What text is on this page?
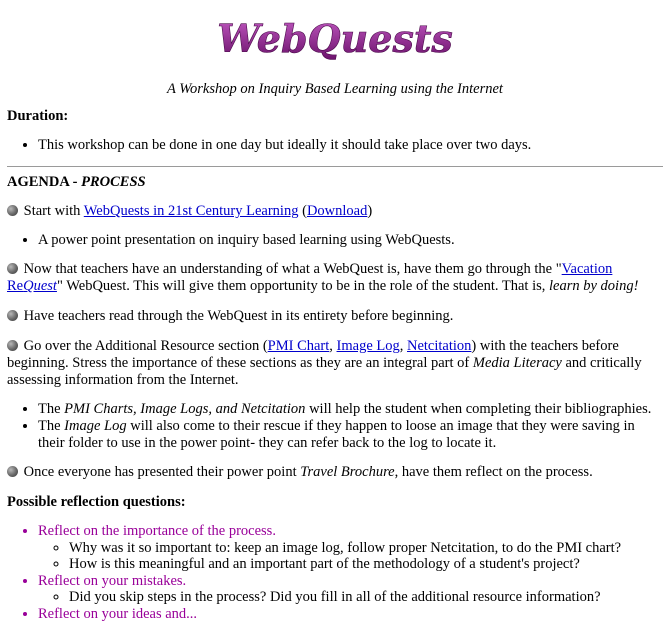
WebQuests
A Workshop on Inquiry Based Learning using the Internet
Duration:
• This workshop can be done in one day but ideally it should take place over two days.
AGENDA - PROCESS
Start with WebQuests in 21st Century Learning (Download)
• A power point presentation on inquiry based learning using WebQuests.
Now that teachers have an understanding of what a WebQuest is, have them go through the "Vacation ReQuest" WebQuest. This will give them opportunity to be in the role of the student. That is, learn by doing!
Have teachers read through the WebQuest in its entirety before beginning.
Go over the Additional Resource section (PMI Chart, Image Log, Netcitation) with the teachers before beginning. Stress the importance of these sections as they are an integral part of Media Literacy and critically assessing information from the Internet.
• The PMI Charts, Image Logs, and Netcitation will help the student when completing their bibliographies.
• The Image Log will also come to their rescue if they happen to loose an image that they were saving in their folder to use in the power point- they can refer back to the log to locate it.
Once everyone has presented their power point Travel Brochure, have them reflect on the process.
Possible reflection questions:
• Reflect on the importance of the process.
◦ Why was it so important to: keep an image log, follow proper Netcitation, to do the PMI chart?
◦ How is this meaningful and an important part of the methodology of a student's project?
• Reflect on your mistakes.
◦ Did you skip steps in the process? Did you fill in all of the additional resource information?
• Reflect on your ideas and...
